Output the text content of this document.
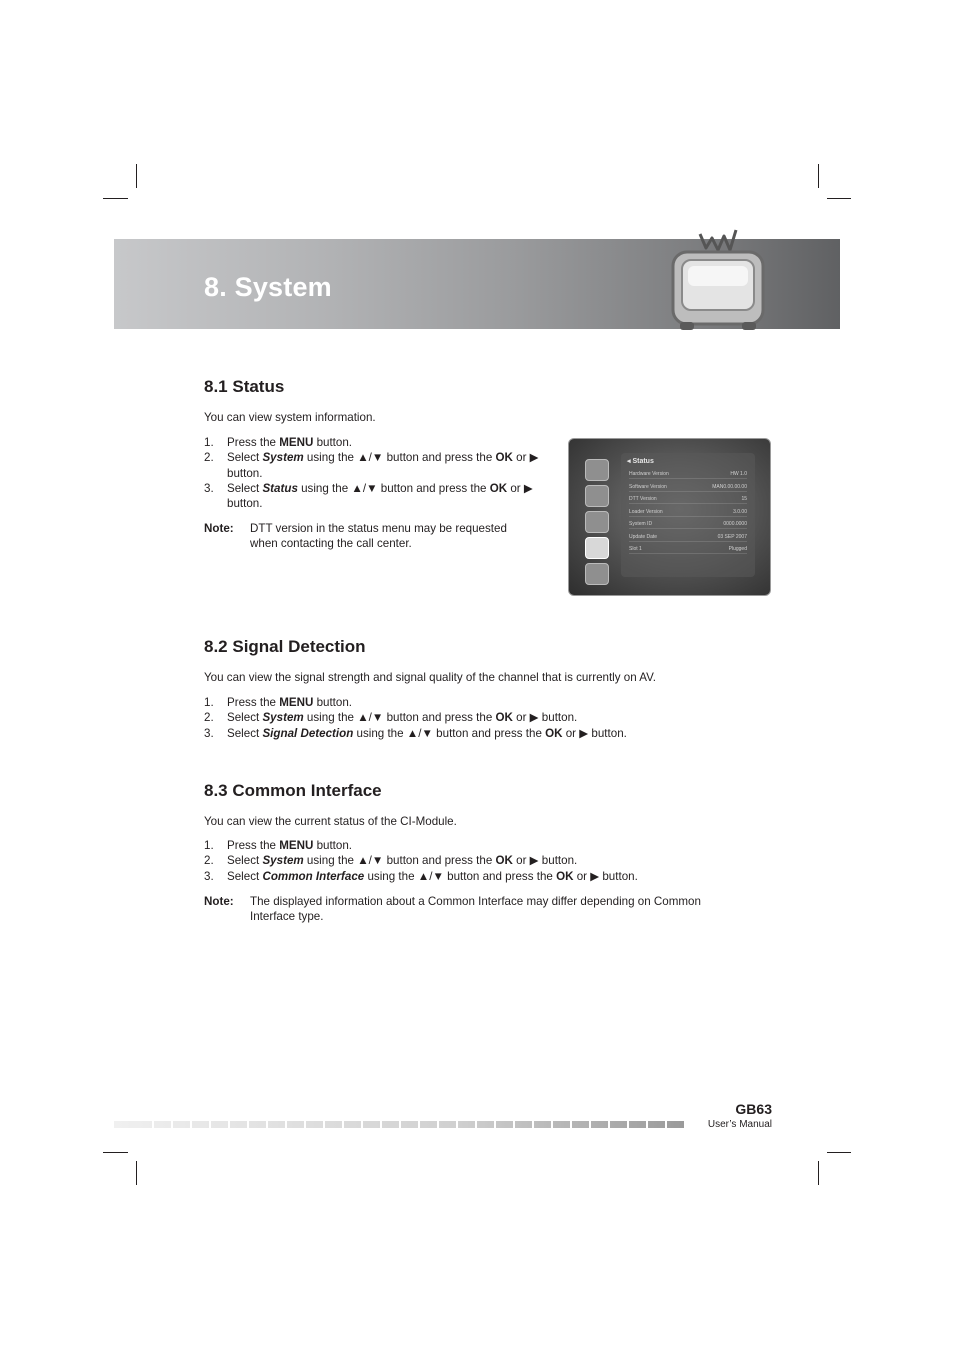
8. System
8.1 Status
You can view system information.
1. Press the MENU button.
2. Select System using the ▲/▼ button and press the OK or ▶
button.
3. Select Status using the ▲/▼ button and press the OK or ▶
button.
Note: DTT version in the status menu may be requested
when contacting the call center.
◂ Status
Hardware Version	HW 1.0
Software Version	MAN0.00.00.00
DTT Version	15
Loader Version	3.0.00
System ID	0000.0000
Update Date	03 SEP 2007
Slot 1	Plugged
8.2 Signal Detection
You can view the signal strength and signal quality of the channel that is currently on AV.
1. Press the MENU button.
2. Select System using the ▲/▼ button and press the OK or ▶ button.
3. Select Signal Detection using the ▲/▼ button and press the OK or ▶ button.
8.3 Common Interface
You can view the current status of the CI-Module.
1. Press the MENU button.
2. Select System using the ▲/▼ button and press the OK or ▶ button.
3. Select Common Interface using the ▲/▼ button and press the OK or ▶ button.
Note: The displayed information about a Common Interface may differ depending on Common
Interface type.
GB63
User’s Manual
